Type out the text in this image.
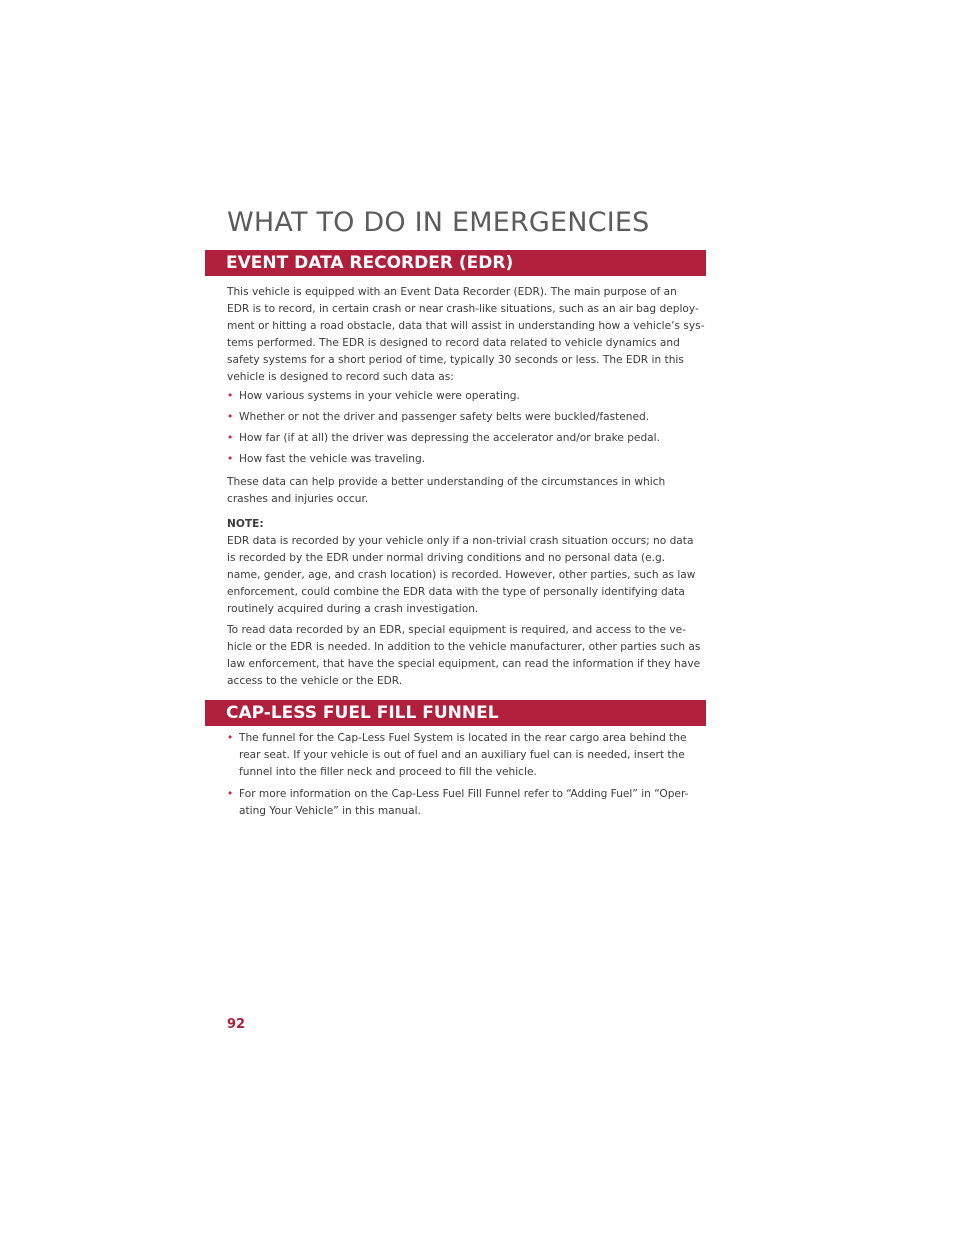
WHAT TO DO IN EMERGENCIES
EVENT DATA RECORDER (EDR)
This vehicle is equipped with an Event Data Recorder (EDR). The main purpose of an
EDR is to record, in certain crash or near crash-like situations, such as an air bag deploy-
ment or hitting a road obstacle, data that will assist in understanding how a vehicle’s sys-
tems performed. The EDR is designed to record data related to vehicle dynamics and
safety systems for a short period of time, typically 30 seconds or less. The EDR in this
vehicle is designed to record such data as:
• How various systems in your vehicle were operating.
• Whether or not the driver and passenger safety belts were buckled/fastened.
• How far (if at all) the driver was depressing the accelerator and/or brake pedal.
• How fast the vehicle was traveling.
These data can help provide a better understanding of the circumstances in which
crashes and injuries occur.
NOTE:
EDR data is recorded by your vehicle only if a non-trivial crash situation occurs; no data
is recorded by the EDR under normal driving conditions and no personal data (e.g.
name, gender, age, and crash location) is recorded. However, other parties, such as law
enforcement, could combine the EDR data with the type of personally identifying data
routinely acquired during a crash investigation.
To read data recorded by an EDR, special equipment is required, and access to the ve-
hicle or the EDR is needed. In addition to the vehicle manufacturer, other parties such as
law enforcement, that have the special equipment, can read the information if they have
access to the vehicle or the EDR.
CAP-LESS FUEL FILL FUNNEL
• The funnel for the Cap-Less Fuel System is located in the rear cargo area behind the
rear seat. If your vehicle is out of fuel and an auxiliary fuel can is needed, insert the
funnel into the filler neck and proceed to fill the vehicle.
• For more information on the Cap-Less Fuel Fill Funnel refer to “Adding Fuel” in “Oper-
ating Your Vehicle” in this manual.
92
